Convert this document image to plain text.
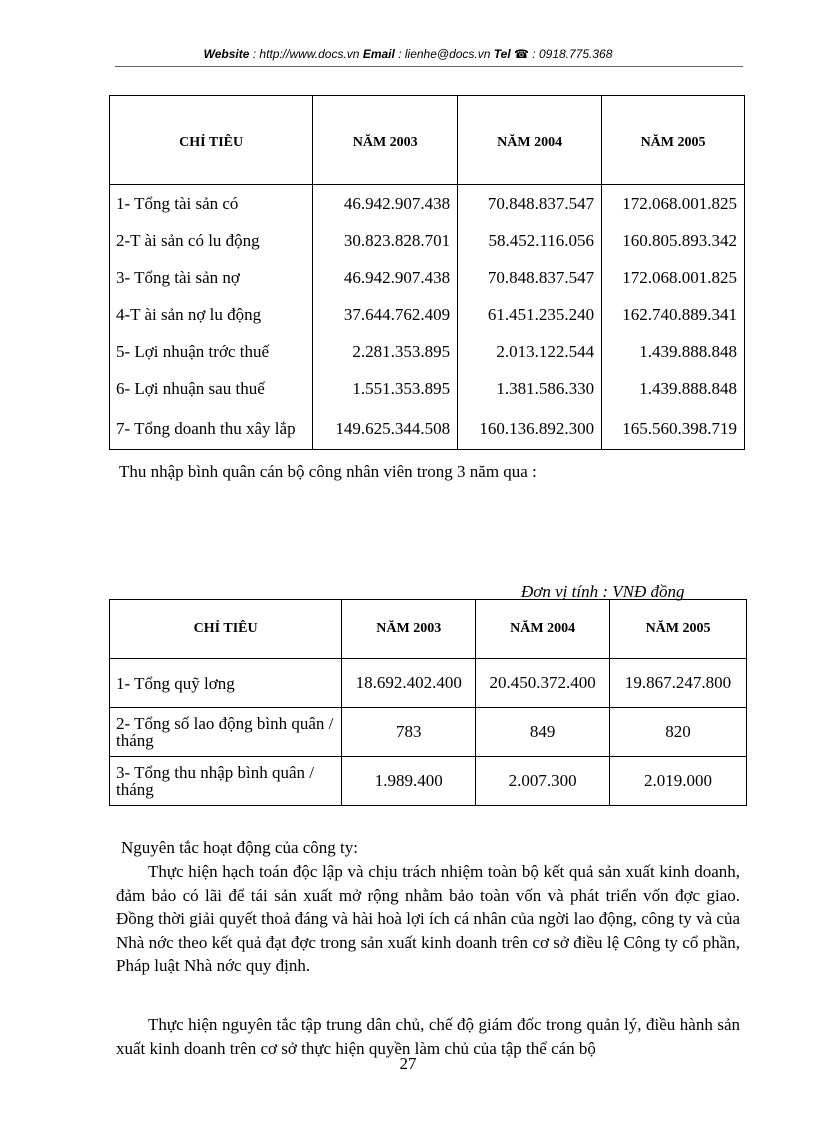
Website : http://www.docs.vn Email : lienhe@docs.vn Tel ☎ : 0918.775.368
CHỈ TIÊU	NĂM 2003	NĂM 2004	NĂM 2005
1- Tổng tài sản có	46.942.907.438	70.848.837.547	172.068.001.825
2-T ài sản có lu động	30.823.828.701	58.452.116.056	160.805.893.342
3- Tổng tài sản nợ	46.942.907.438	70.848.837.547	172.068.001.825
4-T ài sản nợ lu động	37.644.762.409	61.451.235.240	162.740.889.341
5- Lợi nhuận trớc thuế	2.281.353.895	2.013.122.544	1.439.888.848
6- Lợi nhuận sau thuế	1.551.353.895	1.381.586.330	1.439.888.848
7- Tổng doanh thu xây lắp	149.625.344.508	160.136.892.300	165.560.398.719
Thu nhập bình quân cán bộ công nhân viên trong 3 năm qua :
Đơn vị tính : VNĐ đồng
CHỈ TIÊU	NĂM 2003	NĂM 2004	NĂM 2005
1- Tổng quỹ lơng	18.692.402.400	20.450.372.400	19.867.247.800
2- Tổng số lao động bình quân / tháng	783	849	820
3- Tổng thu nhập bình quân / tháng	1.989.400	2.007.300	2.019.000
Nguyên tắc hoạt động của công ty:
Thực hiện hạch toán độc lập và chịu trách nhiệm toàn bộ kết quả sản xuất kinh doanh, đảm bảo có lãi để tái sản xuất mở rộng nhằm bảo toàn vốn và phát triển vốn đợc giao. Đồng thời giải quyết thoả đáng và hài hoà lợi ích cá nhân của ngời lao động, công ty và của Nhà nớc theo kết quả đạt đợc trong sản xuất kinh doanh trên cơ sở điều lệ Công ty cổ phần, Pháp luật Nhà nớc quy định.
Thực hiện nguyên tắc tập trung dân chủ, chế độ giám đốc trong quản lý, điều hành sản xuất kinh doanh trên cơ sở thực hiện quyền làm chủ của tập thể cán bộ
27
